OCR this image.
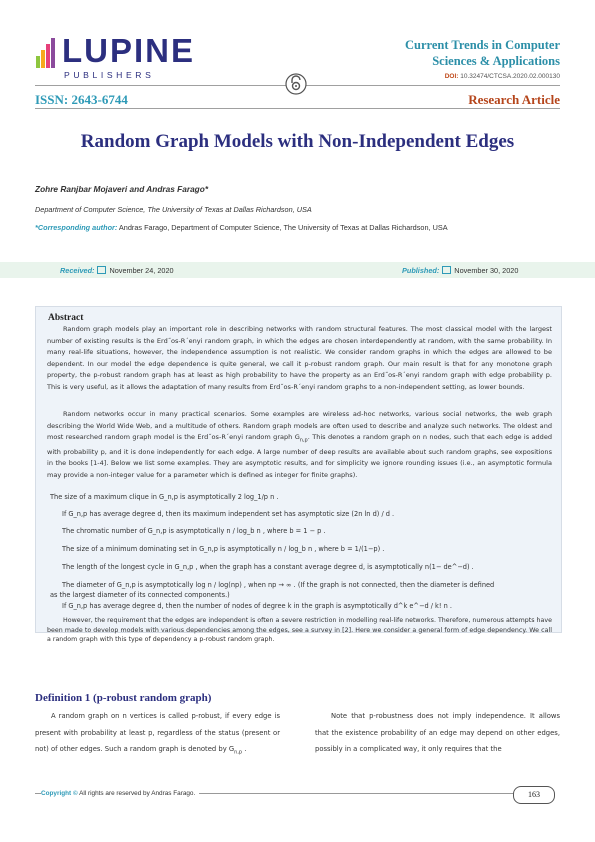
LUPINE
PUBLISHERS
Current Trends in Computer
Sciences & Applications
DOI: 10.32474/CTCSA.2020.02.000130
ISSN: 2643-6744	Research Article
Random Graph Models with Non-Independent Edges
Zohre Ranjbar Mojaveri and Andras Farago*
Department of Computer Science, The University of Texas at Dallas Richardson, USA
*Corresponding author: Andras Farago, Department of Computer Science, The University of Texas at Dallas Richardson, USA
Received: November 24, 2020	Published: November 30, 2020
Abstract
Random graph models play an important role in describing networks with random structural features. The most classical model with the largest number of existing results is the Erd˝os-R´enyi random graph, in which the edges are chosen interdependently at random, with the same probability. In many real-life situations, however, the independence assumption is not realistic. We consider random graphs in which the edges are allowed to be dependent. In our model the edge dependence is quite general, we call it p-robust random graph. Our main result is that for any monotone graph property, the p-robust random graph has at least as high probability to have the property as an Erd˝os-R´enyi random graph with edge probability p. This is very useful, as it allows the adaptation of many results from Erd˝os-R´enyi random graphs to a non-independent setting, as lower bounds.
Random networks occur in many practical scenarios. Some examples are wireless ad-hoc networks, various social networks, the web graph describing the World Wide Web, and a multitude of others. Random graph models are often used to describe and analyze such networks. The oldest and most researched random graph model is the Erd˝os-R´enyi random graph $G_{n,p}$. This denotes a random graph on n nodes, such that each edge is added with probability p, and it is done independently for each edge. A large number of deep results are available about such random graphs, see expositions in the books [1-4]. Below we list some examples. They are asymptotic results, and for simplicity we ignore rounding issues (i.e., an asymptotic formula may provide a non-integer value for a parameter which is defined as integer for finite graphs).
The size of a maximum clique in G_n,p is asymptotically 2 log_1/p n .
If G_n,p has average degree d, then its maximum independent set has asymptotic size (2n ln d) / d .
The chromatic number of G_n,p is asymptotically n / log_b n , where b = 1 − p .
The size of a minimum dominating set in G_n,p is asymptotically n / log_b n , where b = 1/(1−p) .
The length of the longest cycle in G_n,p , when the graph has a constant average degree d, is asymptotically n(1− de^−d) .
The diameter of G_n,p is asymptotically log n / log(np) , when np → ∞ . (If the graph is not connected, then the diameter is defined
as the largest diameter of its connected components.)
If G_n,p has average degree d, then the number of nodes of degree k in the graph is asymptotically d^k e^−d / k! n .
However, the requirement that the edges are independent is often a severe restriction in modelling real-life networks. Therefore, numerous attempts have been made to develop models with various dependencies among the edges, see a survey in [2]. Here we consider a general form of edge dependency. We call a random graph with this type of dependency a p-robust random graph.
Definition 1 (p-robust random graph)
A random graph on n vertices is called p-robust, if every edge is present with probability at least p, regardless of the status (present or not) of other edges. Such a random graph is denoted by $G_{n,p}$ .
Note that p-robustness does not imply independence. It allows that the existence probability of an edge may depend on other edges, possibly in a complicated way, it only requires that the
Copyright © All rights are reserved by Andras Farago.	163
